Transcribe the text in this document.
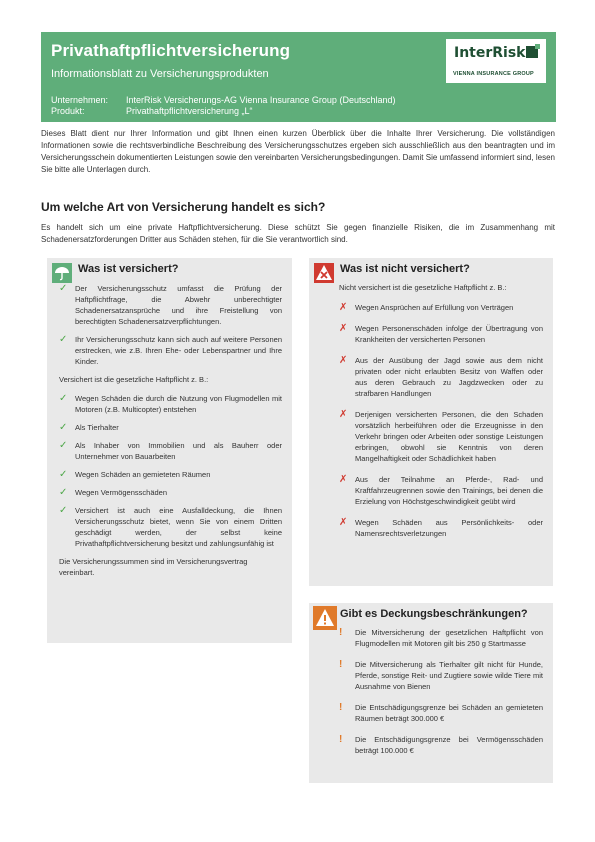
Privathaftpflichtversicherung
Informationsblatt zu Versicherungsprodukten
Unternehmen: InterRisk Versicherungs-AG Vienna Insurance Group (Deutschland)
Produkt:	Privathaftpflichtversicherung „L“
InterRisk
VIENNA INSURANCE GROUP
Dieses Blatt dient nur Ihrer Information und gibt Ihnen einen kurzen Überblick über die Inhalte Ihrer Versicherung. Die vollständigen Informationen sowie die rechtsverbindliche Beschreibung des Versicherungsschutzes ergeben sich ausschließlich aus den beantragten und im Versicherungsschein dokumentierten Leistungen sowie den vereinbarten Versicherungsbedingungen. Damit Sie umfassend informiert sind, lesen Sie bitte alle Unterlagen durch.
Um welche Art von Versicherung handelt es sich?
Es handelt sich um eine private Haftpflichtversicherung. Diese schützt Sie gegen finanzielle Risiken, die im Zusammenhang mit Schadenersatzforderungen Dritter aus Schäden stehen, für die Sie verantwortlich sind.
Was ist versichert?
✓ Der Versicherungsschutz umfasst die Prüfung der Haftpflichtfrage, die Abwehr unberechtigter Schadenersatzansprüche und ihre Freistellung von berechtigten Schadenersatzverpflichtungen.
✓ Ihr Versicherungsschutz kann sich auch auf weitere Personen erstrecken, wie z.B. Ihren Ehe- oder Lebenspartner und Ihre Kinder.
Versichert ist die gesetzliche Haftpflicht z. B.:
✓ Wegen Schäden die durch die Nutzung von Flugmodellen mit Motoren (z.B. Multicopter) entstehen
✓ Als Tierhalter
✓ Als Inhaber von Immobilien und als Bauherr oder Unternehmer von Bauarbeiten
✓ Wegen Schäden an gemieteten Räumen
✓ Wegen Vermögensschäden
✓ Versichert ist auch eine Ausfalldeckung, die Ihnen Versicherungsschutz bietet, wenn Sie von einem Dritten geschädigt werden, der selbst keine Privathaftpflichtversicherung besitzt und zahlungsunfähig ist
Die Versicherungssummen sind im Versicherungsvertrag vereinbart.
Was ist nicht versichert?
Nicht versichert ist die gesetzliche Haftpflicht z. B.:
✗ Wegen Ansprüchen auf Erfüllung von Verträgen
✗ Wegen Personenschäden infolge der Übertragung von Krankheiten der versicherten Personen
✗ Aus der Ausübung der Jagd sowie aus dem nicht privaten oder nicht erlaubten Besitz von Waffen oder aus deren Gebrauch zu Jagdzwecken oder zu strafbaren Handlungen
✗ Derjenigen versicherten Personen, die den Schaden vorsätzlich herbeiführen oder die Erzeugnisse in den Verkehr bringen oder Arbeiten oder sonstige Leistungen erbringen, obwohl sie Kenntnis von deren Mangelhaftigkeit oder Schädlichkeit haben
✗ Aus der Teilnahme an Pferde-, Rad- und Kraftfahrzeugrennen sowie den Trainings, bei denen die Erzielung von Höchstgeschwindigkeit geübt wird
✗ Wegen Schäden aus Persönlichkeits- oder Namensrechtsverletzungen
Gibt es Deckungsbeschränkungen?
! Die Mitversicherung der gesetzlichen Haftpflicht von Flugmodellen mit Motoren gilt bis 250 g Startmasse
! Die Mitversicherung als Tierhalter gilt nicht für Hunde, Pferde, sonstige Reit- und Zugtiere sowie wilde Tiere mit Ausnahme von Bienen
! Die Entschädigungsgrenze bei Schäden an gemieteten Räumen beträgt 300.000 €
! Die Entschädigungsgrenze bei Vermögensschäden beträgt 100.000 €
